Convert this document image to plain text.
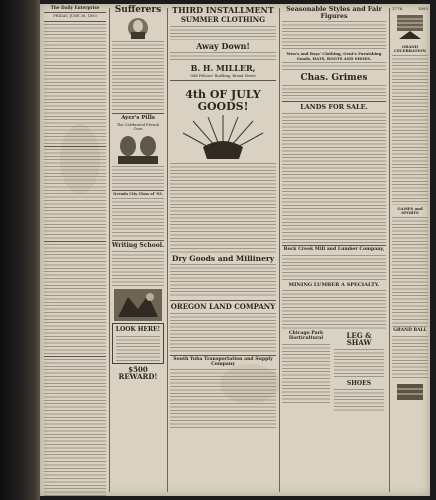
The Daily Enterprise
FRIDAY, JUNE 30, 1893
Sufferers
Ayer's Pills
The Celebrated French Cure
Nevada City Class of '93.
Writing School.
LOOK HERE!
$500 REWARD!
THIRD INSTALLMENT
SUMMER CLOTHING
Away Down!
B. H. MILLER,
Odd Fellows' Building, Broad Street
4th OF JULY GOODS!
Dry Goods and Millinery
OREGON LAND COMPANY
South Yuba Transportation and Supply Company
Seasonable Styles and Fair Figures
Men's and Boys' Clothing, Gent's Furnishing Goods, HATS, BOOTS AND SHOES.
Chas. Grimes
LANDS FOR SALE.
Rock Creek Mill and Lumber Company,
MINING LUMBER A SPECIALTY.
Chicago Park Horticultural	LEG & SHAW
SHOES
1776.	1893
GRAND CELEBRATION
GAMES and SPORTS
GRAND BALL
